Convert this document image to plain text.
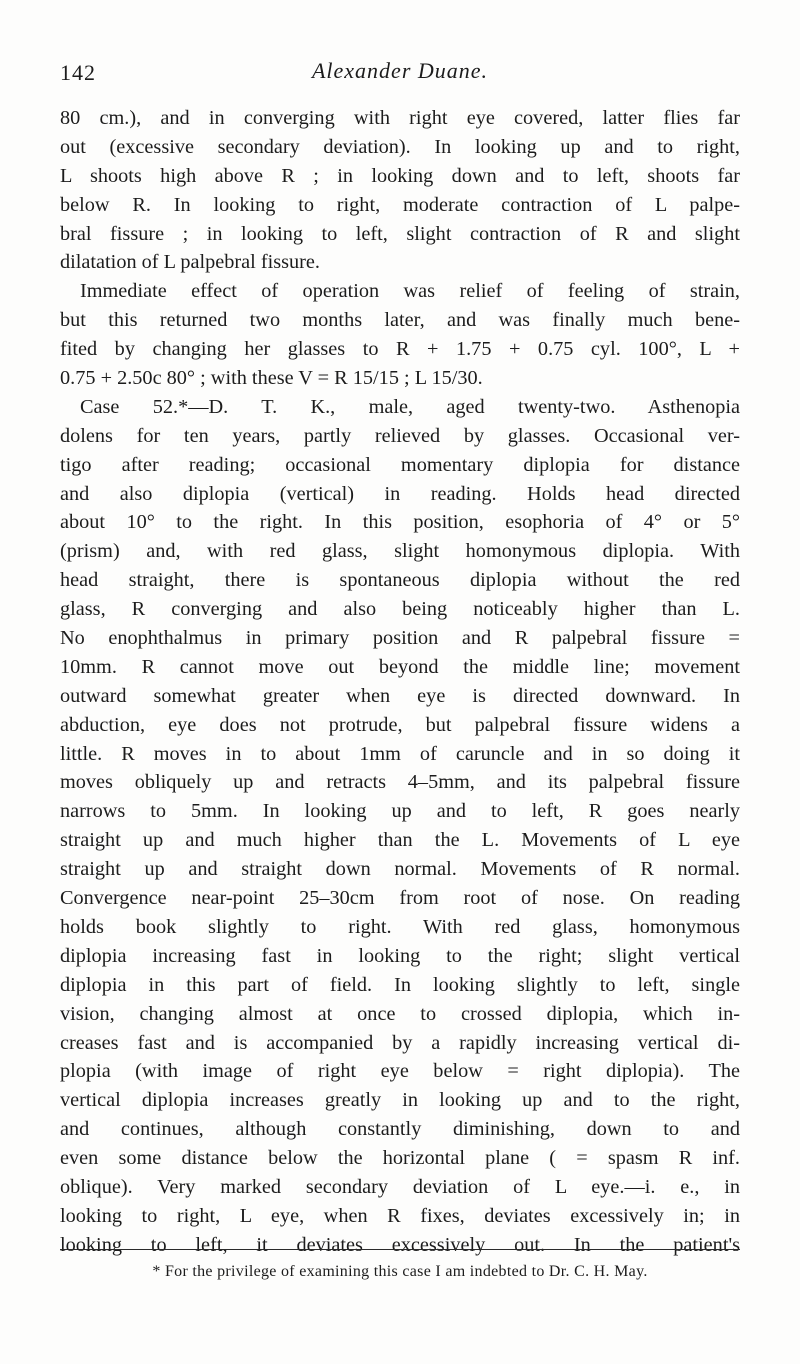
142	Alexander Duane.
80 cm.), and in converging with right eye covered, latter flies far
out (excessive secondary deviation). In looking up and to right,
L shoots high above R ; in looking down and to left, shoots far
below R. In looking to right, moderate contraction of L palpe-
bral fissure ; in looking to left, slight contraction of R and slight
dilatation of L palpebral fissure.
Immediate effect of operation was relief of feeling of strain,
but this returned two months later, and was finally much bene-
fited by changing her glasses to R + 1.75 + 0.75 cyl. 100°, L +
0.75 + 2.50c 80° ; with these V = R 15/15 ; L 15/30.
Case 52.*—D. T. K., male, aged twenty-two. Asthenopia
dolens for ten years, partly relieved by glasses. Occasional ver-
tigo after reading; occasional momentary diplopia for distance
and also diplopia (vertical) in reading. Holds head directed
about 10° to the right. In this position, esophoria of 4° or 5°
(prism) and, with red glass, slight homonymous diplopia. With
head straight, there is spontaneous diplopia without the red
glass, R converging and also being noticeably higher than L.
No enophthalmus in primary position and R palpebral fissure =
10mm. R cannot move out beyond the middle line; movement
outward somewhat greater when eye is directed downward. In
abduction, eye does not protrude, but palpebral fissure widens a
little. R moves in to about 1mm of caruncle and in so doing it
moves obliquely up and retracts 4–5mm, and its palpebral fissure
narrows to 5mm. In looking up and to left, R goes nearly
straight up and much higher than the L. Movements of L eye
straight up and straight down normal. Movements of R normal.
Convergence near-point 25–30cm from root of nose. On reading
holds book slightly to right. With red glass, homonymous
diplopia increasing fast in looking to the right; slight vertical
diplopia in this part of field. In looking slightly to left, single
vision, changing almost at once to crossed diplopia, which in-
creases fast and is accompanied by a rapidly increasing vertical di-
plopia (with image of right eye below = right diplopia). The
vertical diplopia increases greatly in looking up and to the right,
and continues, although constantly diminishing, down to and
even some distance below the horizontal plane ( = spasm R inf.
oblique). Very marked secondary deviation of L eye.—i. e., in
looking to right, L eye, when R fixes, deviates excessively in; in
looking to left, it deviates excessively out. In the patient's
* For the privilege of examining this case I am indebted to Dr. C. H. May.
